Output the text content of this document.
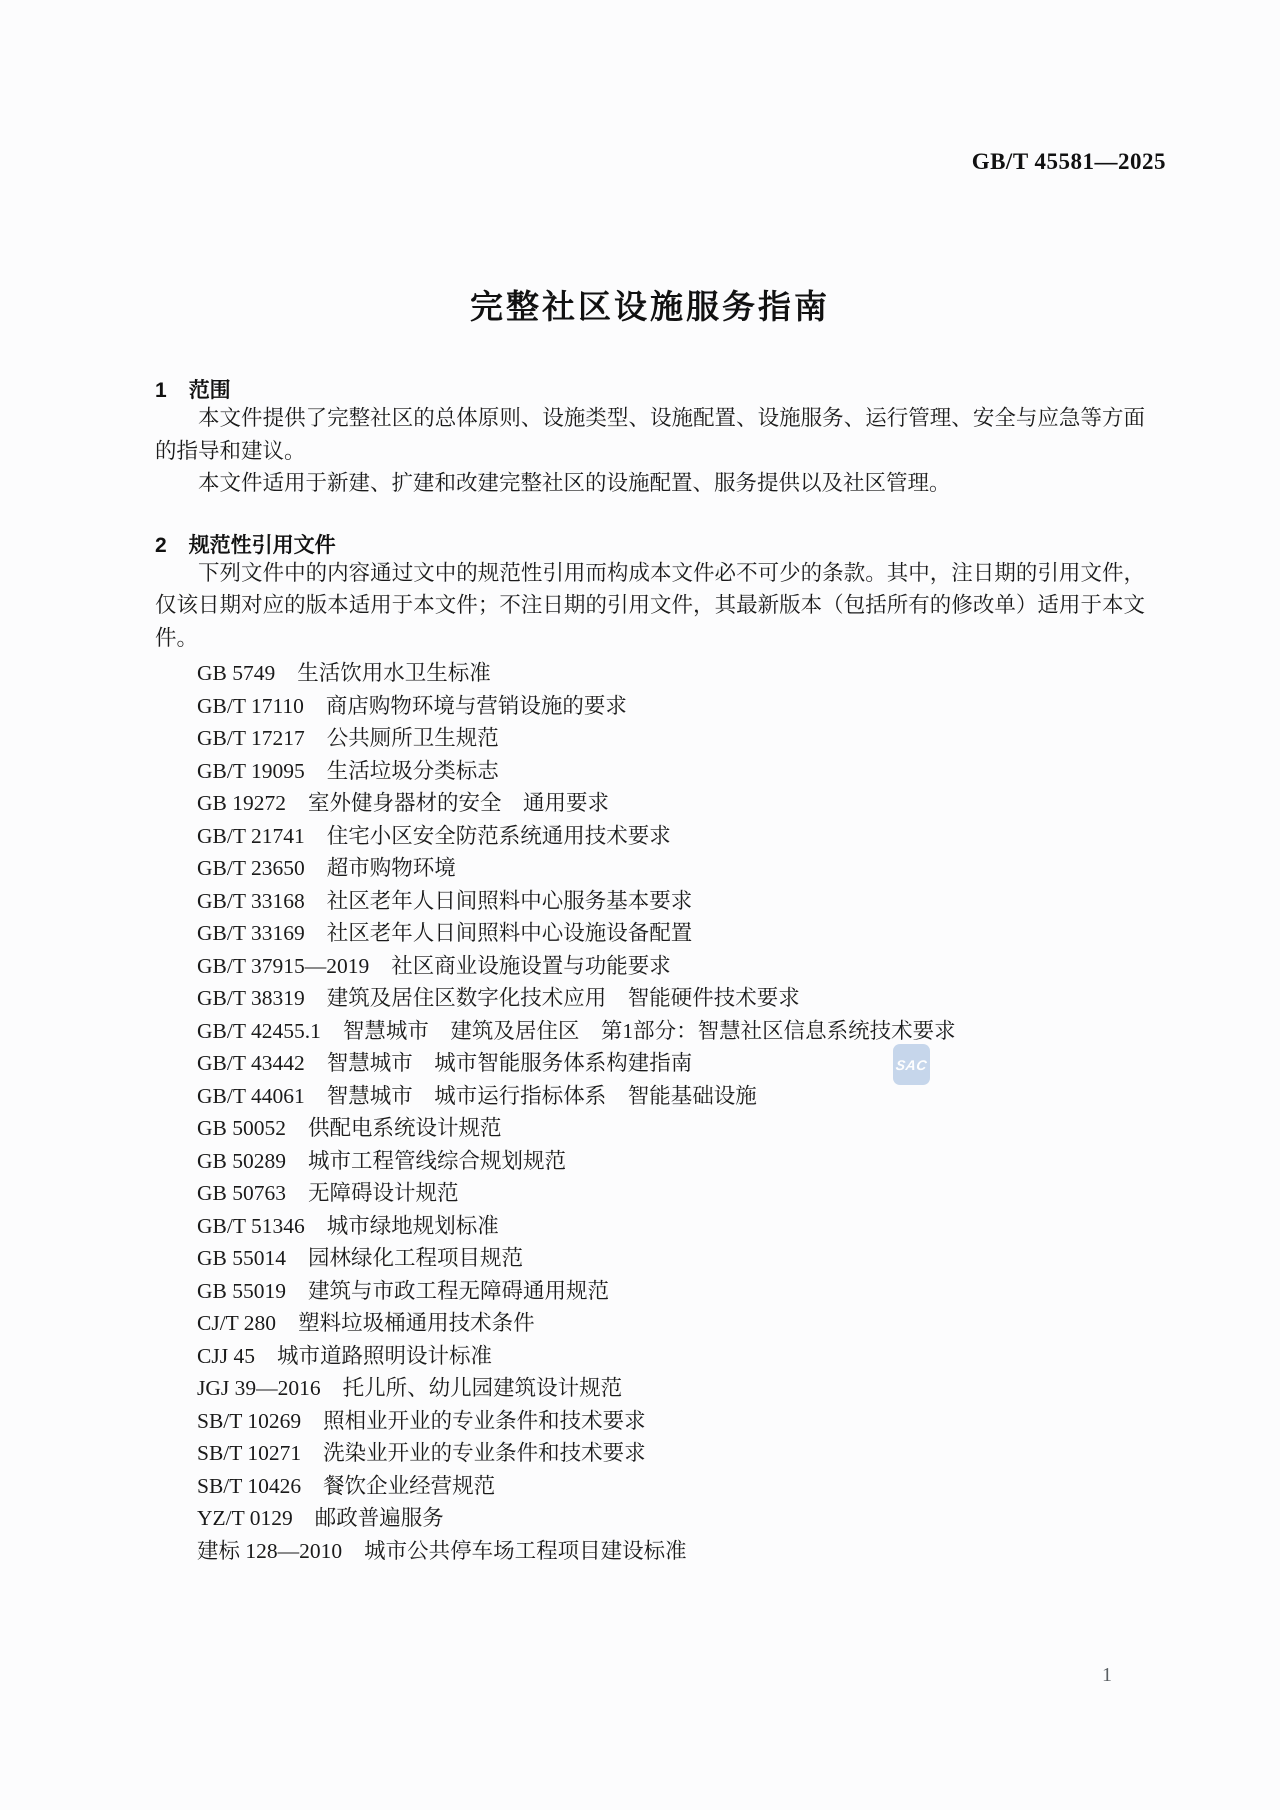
GB/T 45581—2025
完整社区设施服务指南
1 范围

本文件提供了完整社区的总体原则、设施类型、设施配置、设施服务、运行管理、安全与应急等方面的指导和建议。

本文件适用于新建、扩建和改建完整社区的设施配置、服务提供以及社区管理。

2 规范性引用文件

下列文件中的内容通过文中的规范性引用而构成本文件必不可少的条款。其中，注日期的引用文件，仅该日期对应的版本适用于本文件；不注日期的引用文件，其最新版本（包括所有的修改单）适用于本文件。

GB 5749 生活饮用水卫生标准

GB/T 17110 商店购物环境与营销设施的要求

GB/T 17217 公共厕所卫生规范

GB/T 19095 生活垃圾分类标志

GB 19272 室外健身器材的安全　通用要求

GB/T 21741 住宅小区安全防范系统通用技术要求

GB/T 23650 超市购物环境

GB/T 33168 社区老年人日间照料中心服务基本要求

GB/T 33169 社区老年人日间照料中心设施设备配置

GB/T 37915—2019 社区商业设施设置与功能要求

GB/T 38319 建筑及居住区数字化技术应用　智能硬件技术要求

GB/T 42455.1 智慧城市　建筑及居住区　第1部分：智慧社区信息系统技术要求

GB/T 43442 智慧城市　城市智能服务体系构建指南

GB/T 44061 智慧城市　城市运行指标体系　智能基础设施

GB 50052 供配电系统设计规范

GB 50289 城市工程管线综合规划规范

GB 50763 无障碍设计规范

GB/T 51346 城市绿地规划标准

GB 55014 园林绿化工程项目规范

GB 55019 建筑与市政工程无障碍通用规范

CJ/T 280 塑料垃圾桶通用技术条件

CJJ 45 城市道路照明设计标准

JGJ 39—2016 托儿所、幼儿园建筑设计规范

SB/T 10269 照相业开业的专业条件和技术要求

SB/T 10271 洗染业开业的专业条件和技术要求

SB/T 10426 餐饮企业经营规范

YZ/T 0129 邮政普遍服务

建标 128—2010 城市公共停车场工程项目建设标准

SAC
1
